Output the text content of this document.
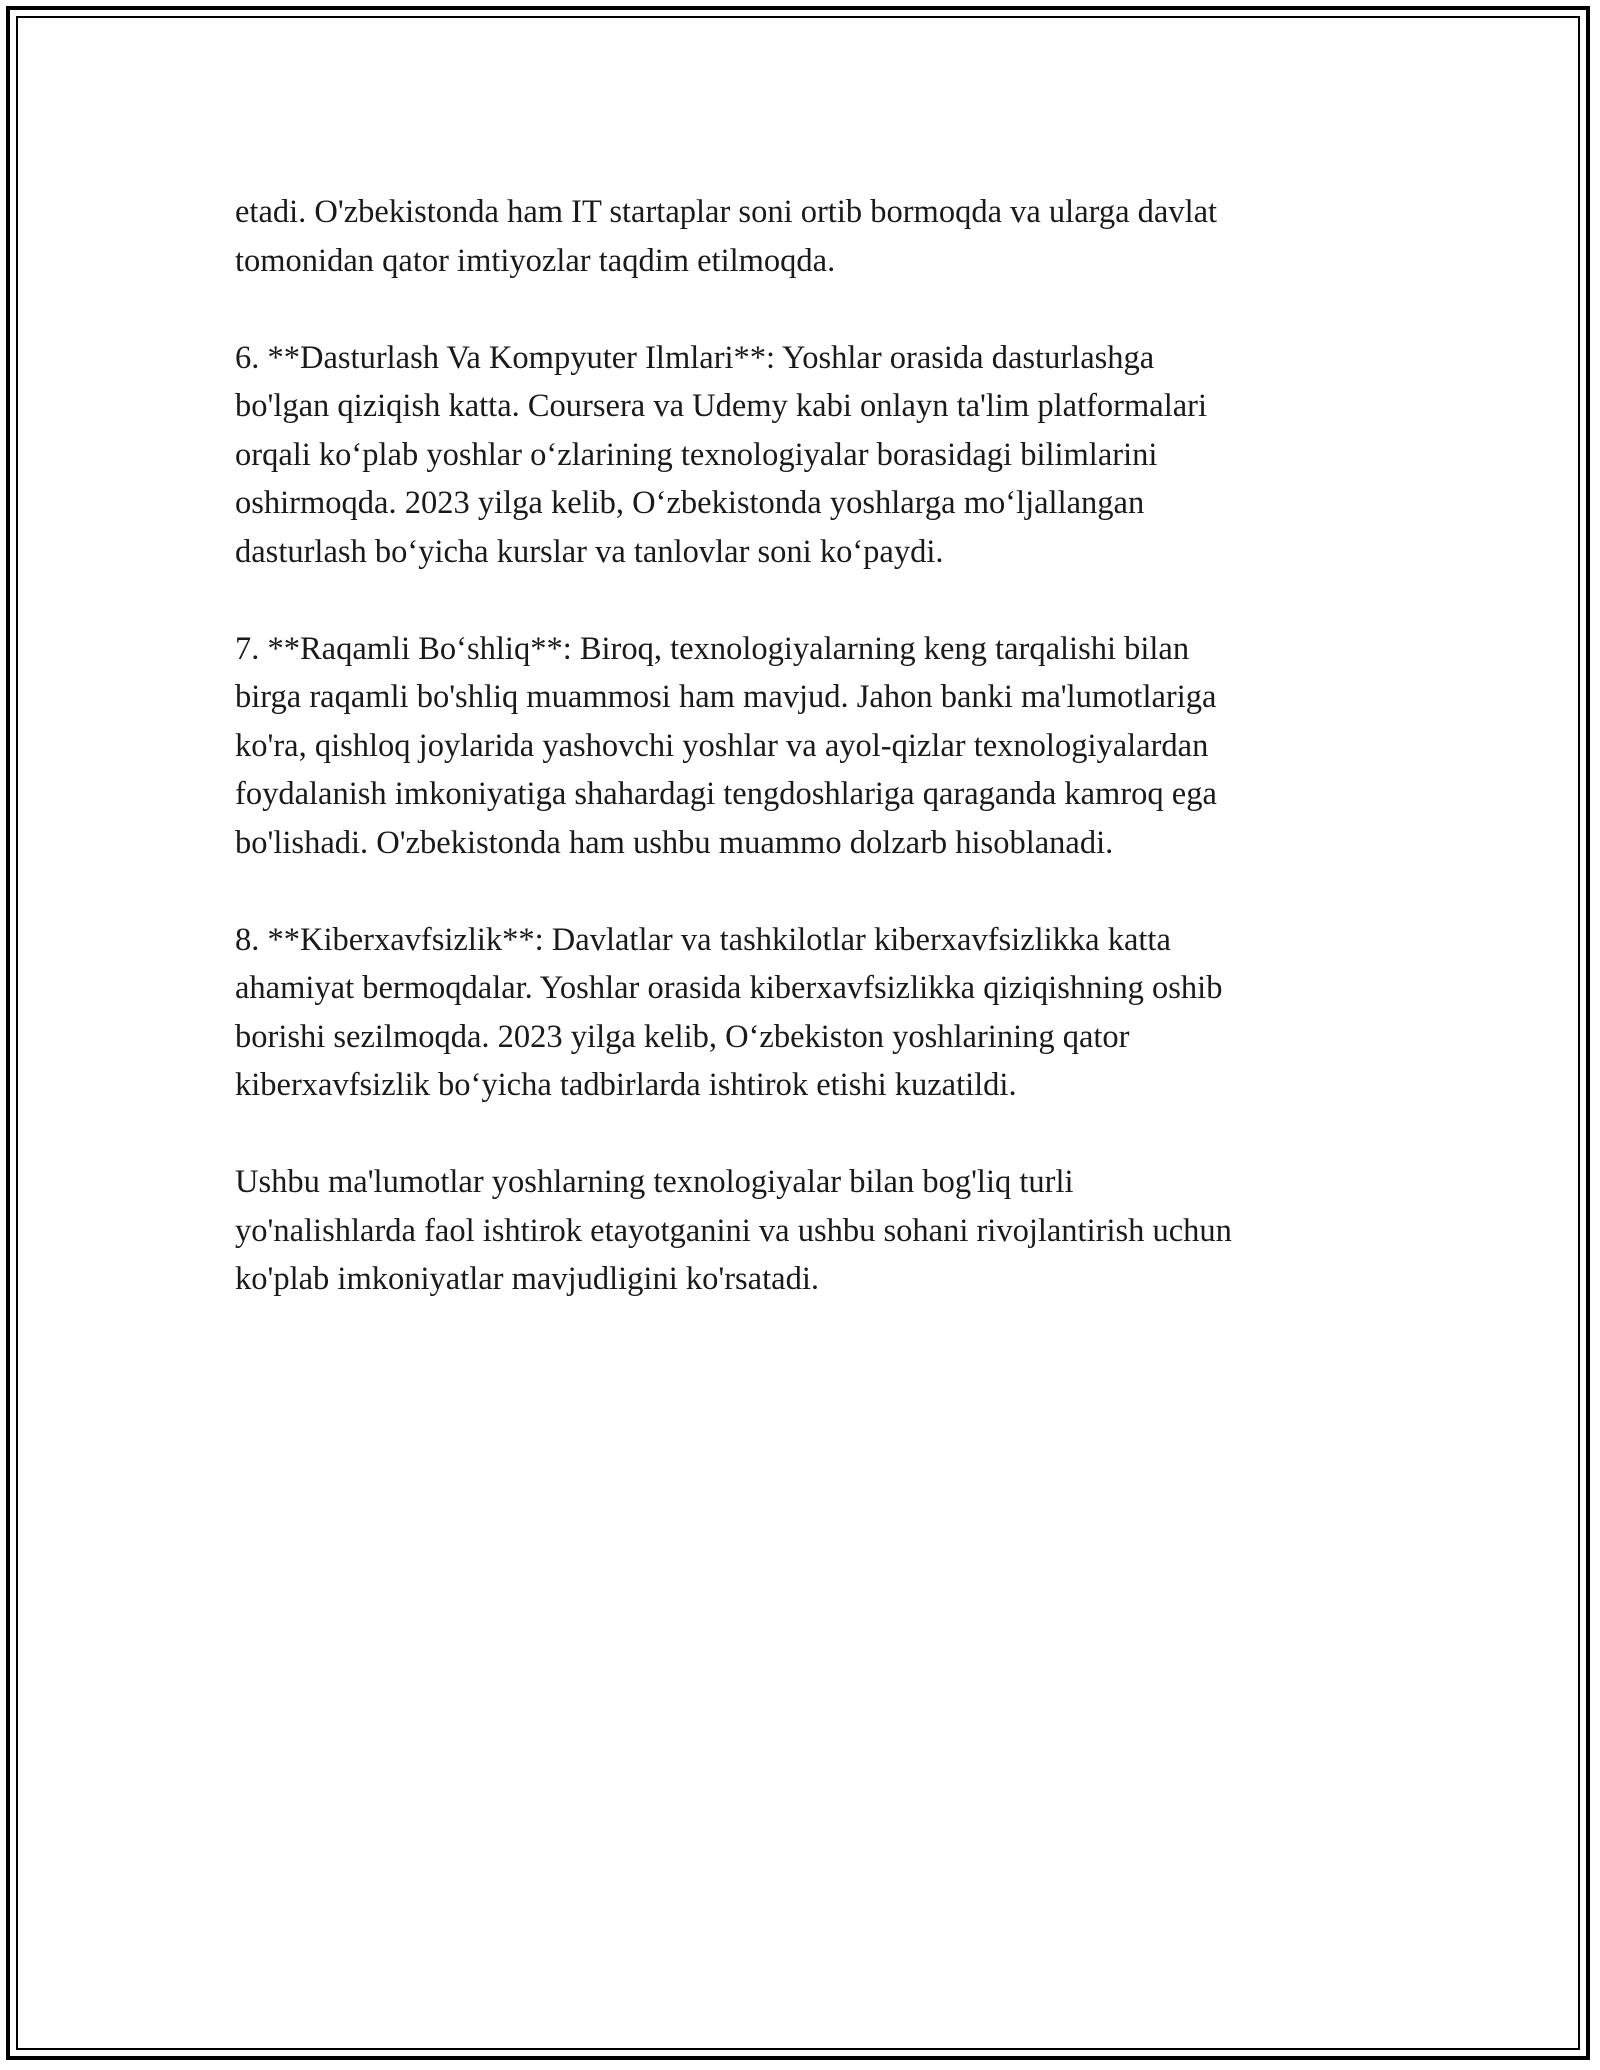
etadi. O'zbekistonda ham IT startaplar soni ortib bormoqda va ularga davlat
tomonidan qator imtiyozlar taqdim etilmoqda.

6. **Dasturlash Va Kompyuter Ilmlari**: Yoshlar orasida dasturlashga
bo'lgan qiziqish katta. Coursera va Udemy kabi onlayn ta'lim platformalari
orqali ko‘plab yoshlar o‘zlarining texnologiyalar borasidagi bilimlarini
oshirmoqda. 2023 yilga kelib, O‘zbekistonda yoshlarga mo‘ljallangan
dasturlash bo‘yicha kurslar va tanlovlar soni ko‘paydi.

7. **Raqamli Bo‘shliq**: Biroq, texnologiyalarning keng tarqalishi bilan
birga raqamli bo'shliq muammosi ham mavjud. Jahon banki ma'lumotlariga
ko'ra, qishloq joylarida yashovchi yoshlar va ayol-qizlar texnologiyalardan
foydalanish imkoniyatiga shahardagi tengdoshlariga qaraganda kamroq ega
bo'lishadi. O'zbekistonda ham ushbu muammo dolzarb hisoblanadi.

8. **Kiberxavfsizlik**: Davlatlar va tashkilotlar kiberxavfsizlikka katta
ahamiyat bermoqdalar. Yoshlar orasida kiberxavfsizlikka qiziqishning oshib
borishi sezilmoqda. 2023 yilga kelib, O‘zbekiston yoshlarining qator
kiberxavfsizlik bo‘yicha tadbirlarda ishtirok etishi kuzatildi.

Ushbu ma'lumotlar yoshlarning texnologiyalar bilan bog'liq turli
yo'nalishlarda faol ishtirok etayotganini va ushbu sohani rivojlantirish uchun
ko'plab imkoniyatlar mavjudligini ko'rsatadi.
